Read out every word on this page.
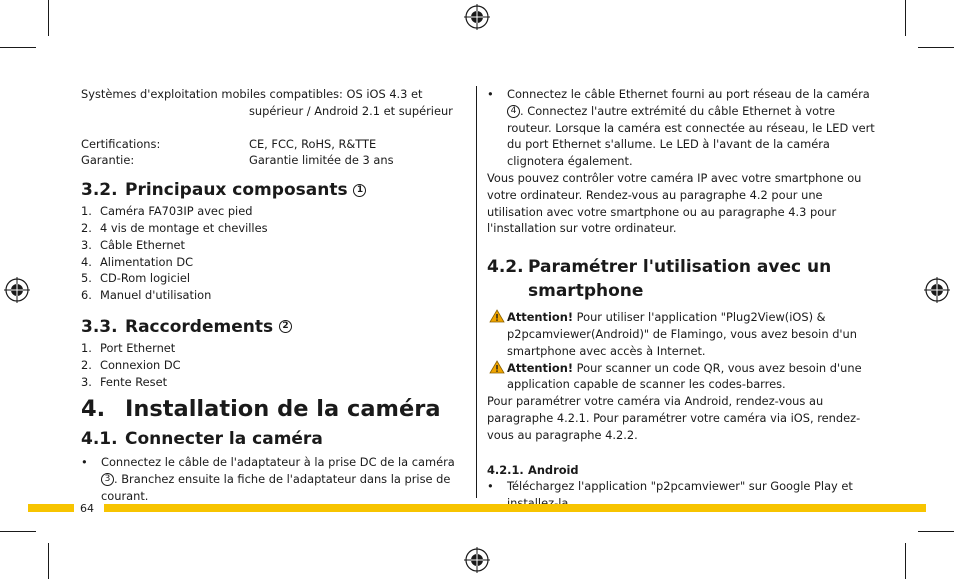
Systèmes d'exploitation mobiles compatibles: OS iOS 4.3 et
supérieur / Android 2.1 et supérieur
Certifications:	CE, FCC, RoHS, R&TTE
Garantie:	Garantie limitée de 3 ans
3.2. Principaux composants 1
1. Caméra FA703IP avec pied
2. 4 vis de montage et chevilles
3. Câble Ethernet
4. Alimentation DC
5. CD-Rom logiciel
6. Manuel d'utilisation
3.3. Raccordements 2
1. Port Ethernet
2. Connexion DC
3. Fente Reset
4. Installation de la caméra
4.1. Connecter la caméra
•	Connectez le câble de l'adaptateur à la prise DC de la caméra 3 . Branchez ensuite la fiche de l'adaptateur dans la prise de courant.
•	Connectez le câble Ethernet fourni au port réseau de la caméra 4 . Connectez l'autre extrémité du câble Ethernet à votre routeur. Lorsque la caméra est connectée au réseau, le LED vert du port Ethernet s'allume. Le LED à l'avant de la caméra clignotera également.
Vous pouvez contrôler votre caméra IP avec votre smartphone ou votre ordinateur. Rendez-vous au paragraphe 4.2 pour une utilisation avec votre smartphone ou au paragraphe 4.3 pour l'installation sur votre ordinateur.
4.2. Paramétrer l'utilisation avec un smartphone
Attention! Pour utiliser l'application "Plug2View(iOS) & p2pcamviewer(Android)" de Flamingo, vous avez besoin d'un smartphone avec accès à Internet.
Attention! Pour scanner un code QR, vous avez besoin d'une application capable de scanner les codes-barres.
Pour paramétrer votre caméra via Android, rendez-vous au paragraphe 4.2.1. Pour paramétrer votre caméra via iOS, rendez-vous au paragraphe 4.2.2.
4.2.1. Android
•	Téléchargez l'application "p2pcamviewer" sur Google Play et
64
